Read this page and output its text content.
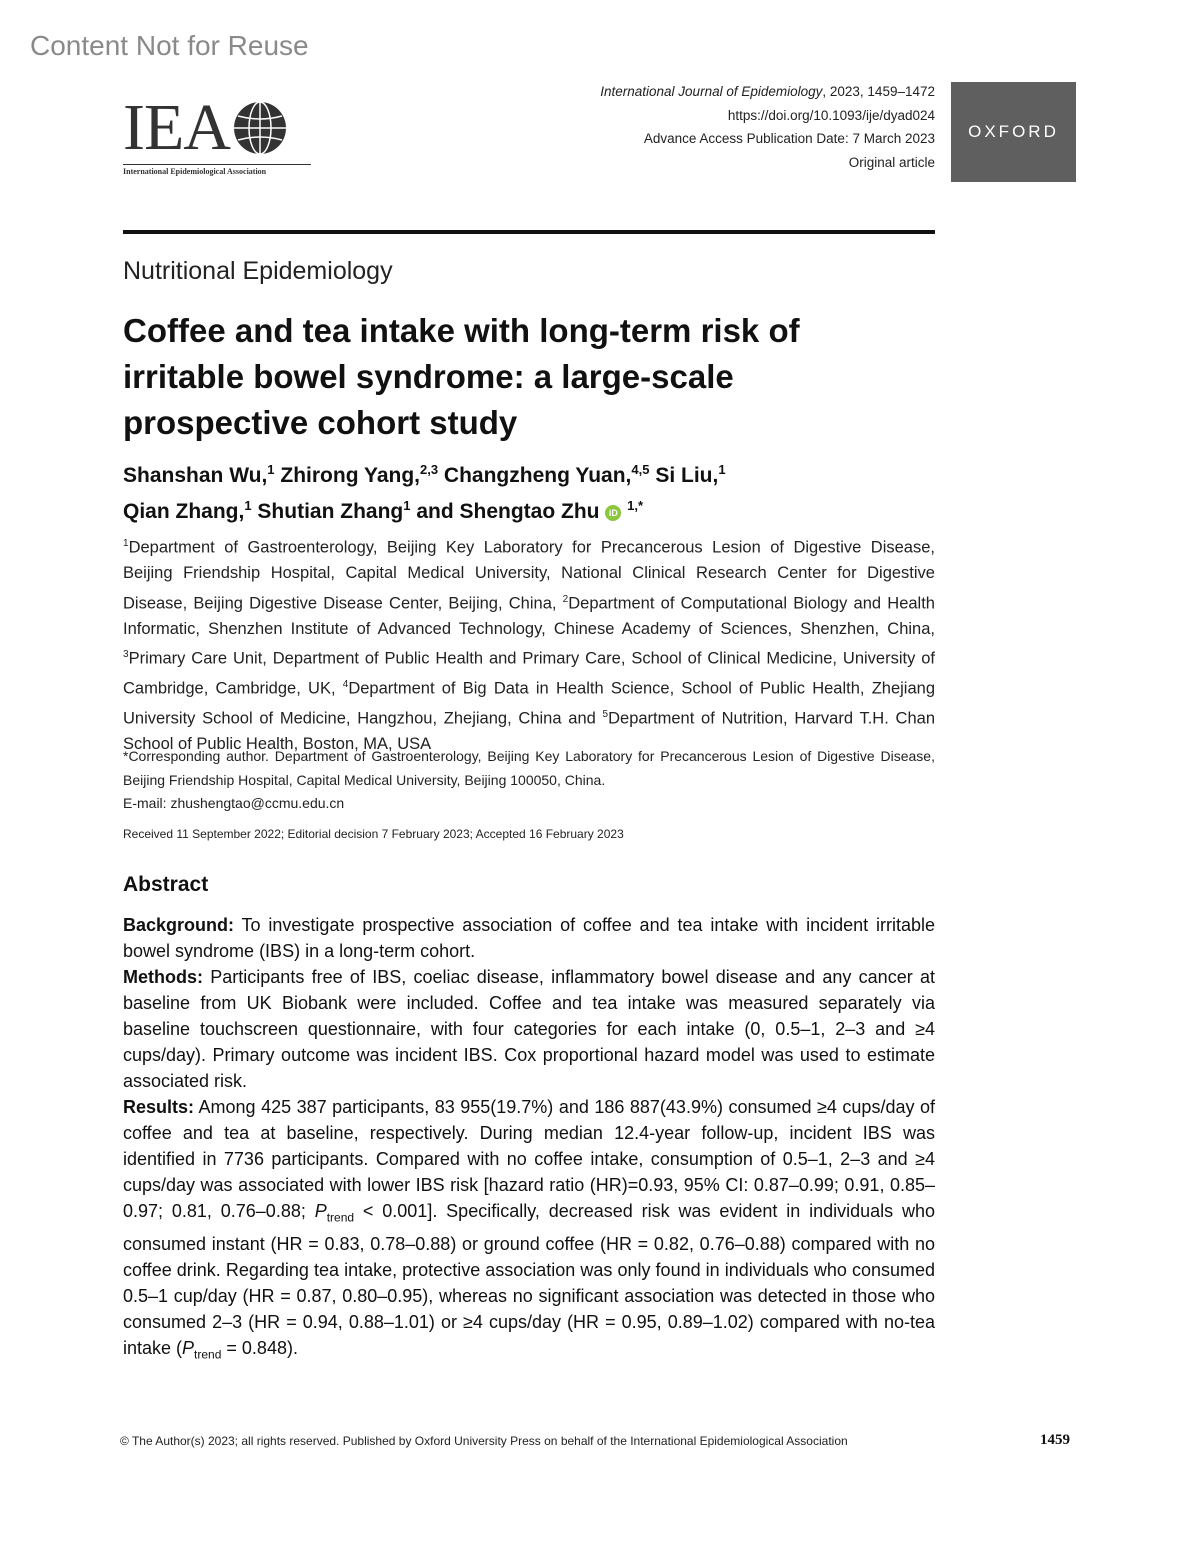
Content Not for Reuse
IEA
International Epidemiological Association
International Journal of Epidemiology, 2023, 1459–1472
https://doi.org/10.1093/ije/dyad024
Advance Access Publication Date: 7 March 2023
Original article
OXFORD
Nutritional Epidemiology
Coffee and tea intake with long-term risk of irritable bowel syndrome: a large-scale prospective cohort study
Shanshan Wu,$^1$ Zhirong Yang,$^{2,3}$ Changzheng Yuan,$^{4,5}$ Si Liu,$^1$
Qian Zhang,$^1$ Shutian Zhang$^1$ and Shengtao Zhu iD $^{1,*}$
$^1$Department of Gastroenterology, Beijing Key Laboratory for Precancerous Lesion of Digestive Disease, Beijing Friendship Hospital, Capital Medical University, National Clinical Research Center for Digestive Disease, Beijing Digestive Disease Center, Beijing, China, $^2$Department of Computational Biology and Health Informatic, Shenzhen Institute of Advanced Technology, Chinese Academy of Sciences, Shenzhen, China, $^3$Primary Care Unit, Department of Public Health and Primary Care, School of Clinical Medicine, University of Cambridge, Cambridge, UK, $^4$Department of Big Data in Health Science, School of Public Health, Zhejiang University School of Medicine, Hangzhou, Zhejiang, China and $^5$Department of Nutrition, Harvard T.H. Chan School of Public Health, Boston, MA, USA
*Corresponding author. Department of Gastroenterology, Beijing Key Laboratory for Precancerous Lesion of Digestive Disease, Beijing Friendship Hospital, Capital Medical University, Beijing 100050, China.
E-mail: zhushengtao@ccmu.edu.cn
Received 11 September 2022; Editorial decision 7 February 2023; Accepted 16 February 2023
Abstract

Background: To investigate prospective association of coffee and tea intake with incident irritable bowel syndrome (IBS) in a long-term cohort.

Methods: Participants free of IBS, coeliac disease, inflammatory bowel disease and any cancer at baseline from UK Biobank were included. Coffee and tea intake was measured separately via baseline touchscreen questionnaire, with four categories for each intake (0, 0.5–1, 2–3 and ≥4 cups/day). Primary outcome was incident IBS. Cox proportional hazard model was used to estimate associated risk.

Results: Among 425 387 participants, 83 955(19.7%) and 186 887(43.9%) consumed ≥4 cups/day of coffee and tea at baseline, respectively. During median 12.4-year follow-up, incident IBS was identified in 7736 participants. Compared with no coffee intake, consumption of 0.5–1, 2–3 and ≥4 cups/day was associated with lower IBS risk [hazard ratio (HR)=0.93, 95% CI: 0.87–0.99; 0.91, 0.85–0.97; 0.81, 0.76–0.88; $P_{trend} < 0.001$]. Specifically, decreased risk was evident in individuals who consumed instant (HR = 0.83, 0.78–0.88) or ground coffee (HR = 0.82, 0.76–0.88) compared with no coffee drink. Regarding tea intake, protective association was only found in individuals who consumed 0.5–1 cup/day (HR = 0.87, 0.80–0.95), whereas no significant association was detected in those who consumed 2–3 (HR = 0.94, 0.88–1.01) or ≥4 cups/day (HR = 0.95, 0.89–1.02) compared with no-tea intake $(P_{trend} = 0.848)$.

© The Author(s) 2023; all rights reserved. Published by Oxford University Press on behalf of the International Epidemiological Association	1459
